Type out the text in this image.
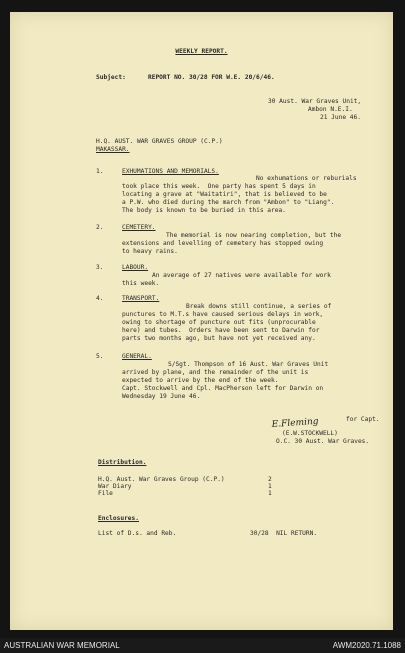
WEEKLY REPORT.
Subject:	REPORT NO. 30/28 FOR W.E. 20/6/46.
30 Aust. War Graves Unit,
Ambon N.E.I.
21 June 46.
H.Q. AUST. WAR GRAVES GROUP (C.P.)
MAKASSAR.
1.	EXHUMATIONS AND MEMORIALS.
No exhumations or reburials
took place this week.  One party has spent 5 days in
locating a grave at "Waitatiri", that is believed to be
a P.W. who died during the march from "Ambon" to "Liang".
The body is known to be buried in this area.
2.	CEMETERY.
The memorial is now nearing completion, but the
extensions and levelling of cemetery has stopped owing
to heavy rains.
3.	LABOUR.
An average of 27 natives were available for work
this week.
4.	TRANSPORT.
Break downs still continue, a series of
punctures to M.T.s have caused serious delays in work,
owing to shortage of puncture out fits (unprocurable
here) and tubes.  Orders have been sent to Darwin for
parts two months ago, but have not yet received any.
5.	GENERAL.
S/Sgt. Thompson of 16 Aust. War Graves Unit
arrived by plane, and the remainder of the unit is
expected to arrive by the end of the week.
Capt. Stockwell and Cpl. MacPherson left for Darwin on
Wednesday 19 June 46.
E.Fleming	for Capt.
(E.W.STOCKWELL)
O.C. 30 Aust. War Graves.
Distribution.
H.Q. Aust. War Graves Group (C.P.)	2
War Diary	1
File	1
Enclosures.
List of D.s. and Reb.	30/28  NIL RETURN.
AUSTRALIAN WAR MEMORIAL	AWM2020.71.1088
